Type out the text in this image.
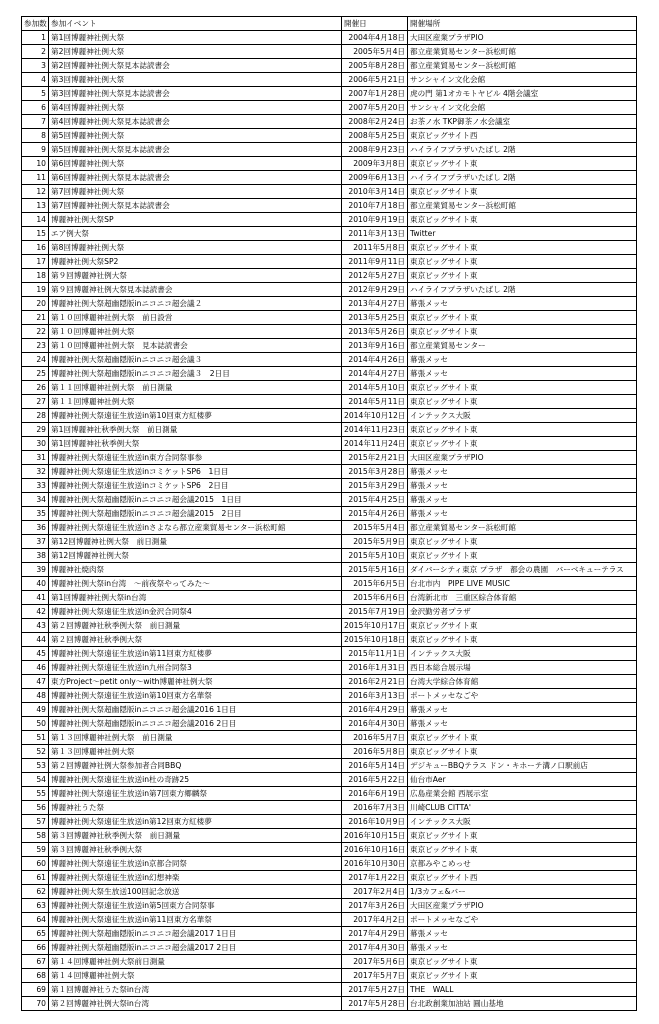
参加数	参加イベント	開催日	開催場所
1	第1回博麗神社例大祭	2004年4月18日	大田区産業プラザPIO
2	第2回博麗神社例大祭	2005年5月4日	都立産業貿易センター浜松町館
3	第2回博麗神社例大祭見本誌読書会	2005年8月28日	都立産業貿易センター浜松町館
4	第3回博麗神社例大祭	2006年5月21日	サンシャイン文化会館
5	第3回博麗神社例大祭見本誌読書会	2007年1月28日	虎の門 第1オカモトヤビル 4階会議室
6	第4回博麗神社例大祭	2007年5月20日	サンシャイン文化会館
7	第4回博麗神社例大祭見本誌読書会	2008年2月24日	お茶ノ水 TKP御茶ノ水会議室
8	第5回博麗神社例大祭	2008年5月25日	東京ビッグサイト西
9	第5回博麗神社例大祭見本誌読書会	2008年9月23日	ハイライフプラザいたばし 2階
10	第6回博麗神社例大祭	2009年3月8日	東京ビッグサイト東
11	第6回博麗神社例大祭見本誌読書会	2009年6月13日	ハイライフプラザいたばし 2階
12	第7回博麗神社例大祭	2010年3月14日	東京ビッグサイト東
13	第7回博麗神社例大祭見本誌読書会	2010年7月18日	都立産業貿易センター浜松町館
14	博麗神社例大祭SP	2010年9月19日	東京ビッグサイト東
15	エア例大祭	2011年3月13日	Twitter
16	第8回博麗神社例大祭	2011年5月8日	東京ビッグサイト東
17	博麗神社例大祭SP2	2011年9月11日	東京ビッグサイト東
18	第９回博麗神社例大祭	2012年5月27日	東京ビッグサイト東
19	第９回博麗神社例大祭見本誌読書会	2012年9月29日	ハイライフプラザいたばし 2階
20	博麗神社例大祭超幽隠版inニコニコ超会議２	2013年4月27日	幕張メッセ
21	第１０回博麗神社例大祭　前日設営	2013年5月25日	東京ビッグサイト東
22	第１０回博麗神社例大祭	2013年5月26日	東京ビッグサイト東
23	第１０回博麗神社例大祭　見本誌読書会	2013年9月16日	都立産業貿易センター
24	博麗神社例大祭超幽隠版inニコニコ超会議３	2014年4月26日	幕張メッセ
25	博麗神社例大祭超幽隠版inニコニコ超会議３　2日目	2014年4月27日	幕張メッセ
26	第１１回博麗神社例大祭　前日測量	2014年5月10日	東京ビッグサイト東
27	第１１回博麗神社例大祭	2014年5月11日	東京ビッグサイト東
28	博麗神社例大祭遠征生放送in第10回東方紅楼夢	2014年10月12日	インテックス大阪
29	第1回博麗神社秋季例大祭　前日測量	2014年11月23日	東京ビッグサイト東
30	第1回博麗神社秋季例大祭	2014年11月24日	東京ビッグサイト東
31	博麗神社例大祭遠征生放送in東方合同祭事参	2015年2月21日	大田区産業プラザPIO
32	博麗神社例大祭遠征生放送inコミケットSP6　1日目	2015年3月28日	幕張メッセ
33	博麗神社例大祭遠征生放送inコミケットSP6　2日目	2015年3月29日	幕張メッセ
34	博麗神社例大祭超幽隠版inニコニコ超会議2015　1日目	2015年4月25日	幕張メッセ
35	博麗神社例大祭超幽隠版inニコニコ超会議2015　2日目	2015年4月26日	幕張メッセ
36	博麗神社例大祭遠征生放送inさよなら都立産業貿易センター浜松町館	2015年5月4日	都立産業貿易センター浜松町館
37	第12回博麗神社例大祭　前日測量	2015年5月9日	東京ビッグサイト東
38	第12回博麗神社例大祭	2015年5月10日	東京ビッグサイト東
39	博麗神社焼肉祭	2015年5月16日	ダイバーシティ東京 プラザ　都会の農園　バーベキューテラス
40	博麗神社例大祭in台湾　～前夜祭やってみた～	2015年6月5日	台北市内　PIPE LIVE MUSIC
41	第1回博麗神社例大祭in台湾	2015年6月6日	台湾新北市　三重区綜合体育館
42	博麗神社例大祭遠征生放送in金沢合同祭4	2015年7月19日	金沢勤労者プラザ
43	第２回博麗神社秋季例大祭　前日測量	2015年10月17日	東京ビッグサイト東
44	第２回博麗神社秋季例大祭	2015年10月18日	東京ビッグサイト東
45	博麗神社例大祭遠征生放送in第11回東方紅楼夢	2015年11月1日	インテックス大阪
46	博麗神社例大祭遠征生放送in九州合同祭3	2016年1月31日	西日本総合展示場
47	東方Project～petit only～with博麗神社例大祭	2016年2月21日	台湾大学綜合体育館
48	博麗神社例大祭遠征生放送in第10回東方名華祭	2016年3月13日	ポートメッセなごや
49	博麗神社例大祭超幽隠版inニコニコ超会議2016 1日目	2016年4月29日	幕張メッセ
50	博麗神社例大祭超幽隠版inニコニコ超会議2016 2日目	2016年4月30日	幕張メッセ
51	第１３回博麗神社例大祭　前日測量	2016年5月7日	東京ビッグサイト東
52	第１３回博麗神社例大祭	2016年5月8日	東京ビッグサイト東
53	第２回博麗神社例大祭参加者合同BBQ	2016年5月14日	デジキューBBQテラス ドン・キホーテ溝ノ口駅前店
54	博麗神社例大祭遠征生放送in杜の奇跡25	2016年5月22日	仙台市Aer
55	博麗神社例大祭遠征生放送in第7回東方郷麟祭	2016年6月19日	広島産業会館 西展示室
56	博麗神社うた祭	2016年7月3日	川崎CLUB CITTA'
57	博麗神社例大祭遠征生放送in第12回東方紅楼夢	2016年10月9日	インテックス大阪
58	第３回博麗神社秋季例大祭　前日測量	2016年10月15日	東京ビッグサイト東
59	第３回博麗神社秋季例大祭	2016年10月16日	東京ビッグサイト東
60	博麗神社例大祭遠征生放送in京都合同祭	2016年10月30日	京都みやこめっせ
61	博麗神社例大祭遠征生放送in幻想神楽	2017年1月22日	東京ビッグサイト西
62	博麗神社例大祭生放送100回記念放送	2017年2月4日	1/3カフェ&バー
63	博麗神社例大祭遠征生放送in第5回東方合同祭事	2017年3月26日	大田区産業プラザPIO
64	博麗神社例大祭遠征生放送in第11回東方名華祭	2017年4月2日	ポートメッセなごや
65	博麗神社例大祭超幽隠版inニコニコ超会議2017 1日目	2017年4月29日	幕張メッセ
66	博麗神社例大祭超幽隠版inニコニコ超会議2017 2日目	2017年4月30日	幕張メッセ
67	第１４回博麗神社例大祭前日測量	2017年5月6日	東京ビッグサイト東
68	第１４回博麗神社例大祭	2017年5月7日	東京ビッグサイト東
69	第１回博麗神社うた祭in台湾	2017年5月27日	THE　WALL
70	第２回博麗神社例大祭in台湾	2017年5月28日	台北政創業加油站 圓山基地
